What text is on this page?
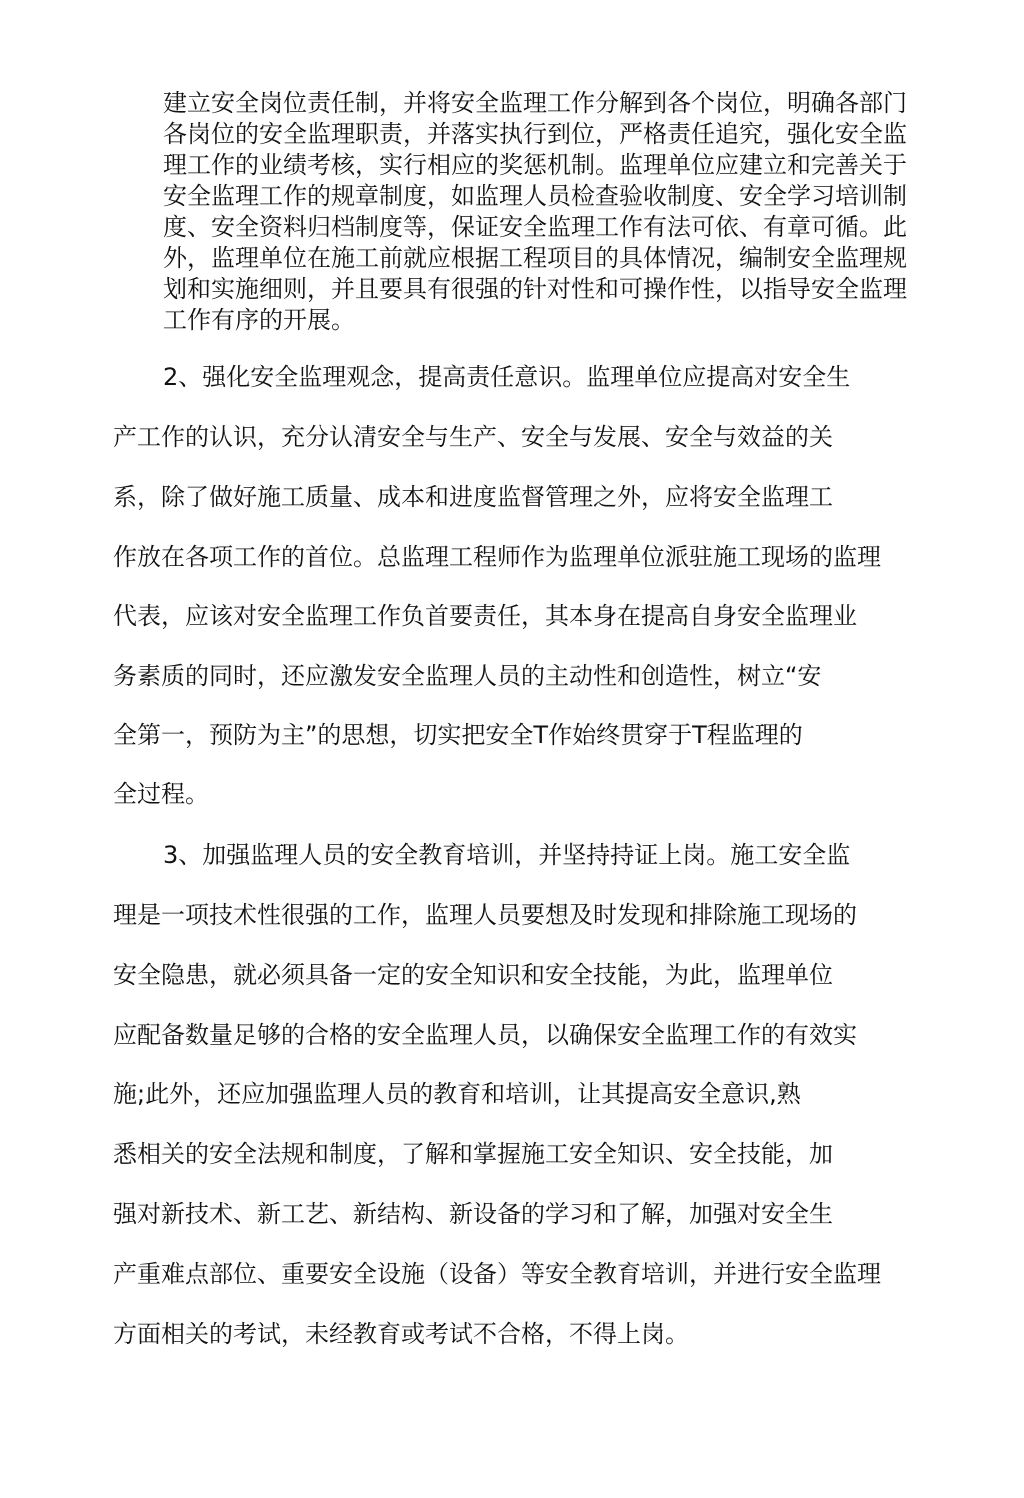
建立安全岗位责任制，并将安全监理工作分解到各个岗位，明确各部门
各岗位的安全监理职责，并落实执行到位，严格责任追究，强化安全监
理工作的业绩考核，实行相应的奖惩机制。监理单位应建立和完善关于
安全监理工作的规章制度，如监理人员检查验收制度、安全学习培训制
度、安全资料归档制度等，保证安全监理工作有法可依、有章可循。此
外，监理单位在施工前就应根据工程项目的具体情况，编制安全监理规
划和实施细则，并且要具有很强的针对性和可操作性，以指导安全监理
工作有序的开展。
2、强化安全监理观念，提高责任意识。监理单位应提高对安全生
产工作的认识，充分认清安全与生产、安全与发展、安全与效益的关
系，除了做好施工质量、成本和进度监督管理之外，应将安全监理工
作放在各项工作的首位。总监理工程师作为监理单位派驻施工现场的监理
代表，应该对安全监理工作负首要责任，其本身在提高自身安全监理业
务素质的同时，还应激发安全监理人员的主动性和创造性，树立“安
全第一，预防为主”的思想，切实把安全T作始终贯穿于T程监理的
全过程。
3、加强监理人员的安全教育培训，并坚持持证上岗。施工安全监
理是一项技术性很强的工作，监理人员要想及时发现和排除施工现场的
安全隐患，就必须具备一定的安全知识和安全技能，为此，监理单位
应配备数量足够的合格的安全监理人员，以确保安全监理工作的有效实
施;此外，还应加强监理人员的教育和培训，让其提高安全意识,熟
悉相关的安全法规和制度，了解和掌握施工安全知识、安全技能，加
强对新技术、新工艺、新结构、新设备的学习和了解，加强对安全生
产重难点部位、重要安全设施（设备）等安全教育培训，并进行安全监理
方面相关的考试，未经教育或考试不合格，不得上岗。
